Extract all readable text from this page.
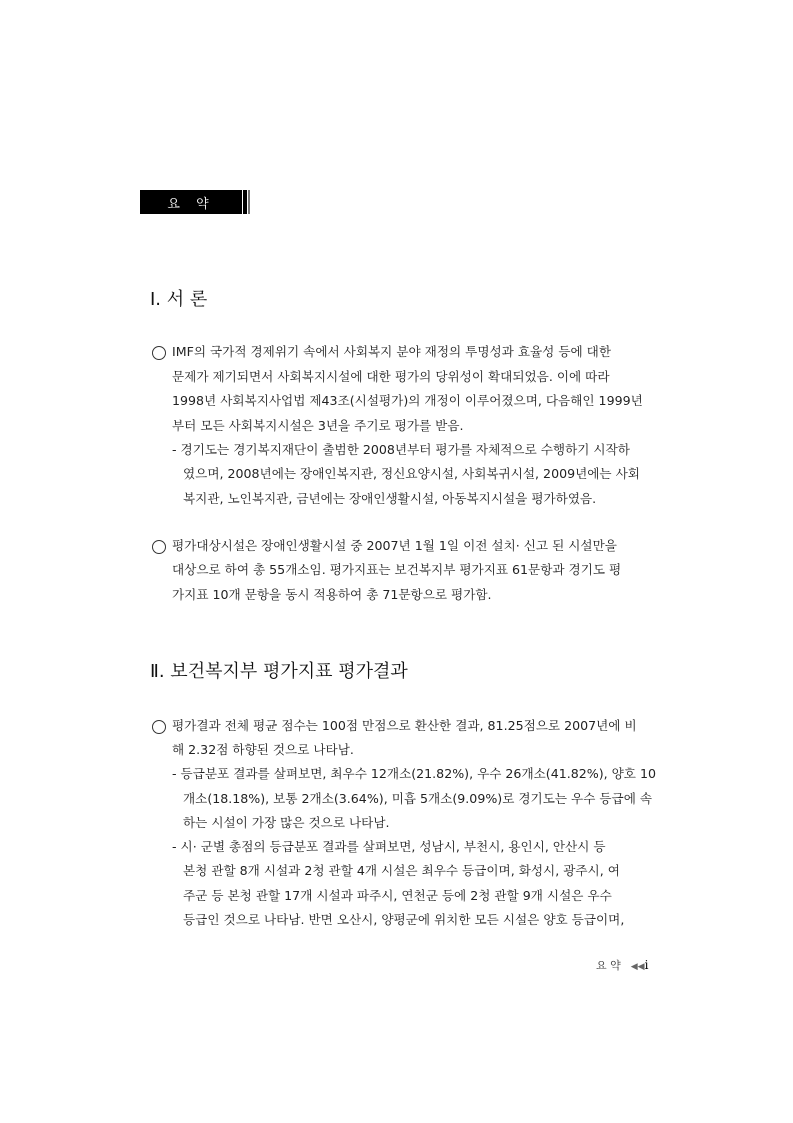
요 약
Ⅰ. 서 론
IMF의 국가적 경제위기 속에서 사회복지 분야 재정의 투명성과 효율성 등에 대한
문제가 제기되면서 사회복지시설에 대한 평가의 당위성이 확대되었음. 이에 따라
1998년 사회복지사업법 제43조(시설평가)의 개정이 이루어졌으며, 다음해인 1999년
부터 모든 사회복지시설은 3년을 주기로 평가를 받음.
- 경기도는 경기복지재단이 출범한 2008년부터 평가를 자체적으로 수행하기 시작하
였으며, 2008년에는 장애인복지관, 정신요양시설, 사회복귀시설, 2009년에는 사회
복지관, 노인복지관, 금년에는 장애인생활시설, 아동복지시설을 평가하였음.
평가대상시설은 장애인생활시설 중 2007년 1월 1일 이전 설치· 신고 된 시설만을
대상으로 하여 총 55개소임. 평가지표는 보건복지부 평가지표 61문항과 경기도 평
가지표 10개 문항을 동시 적용하여 총 71문항으로 평가함.
Ⅱ. 보건복지부 평가지표 평가결과
평가결과 전체 평균 점수는 100점 만점으로 환산한 결과, 81.25점으로 2007년에 비
해 2.32점 하향된 것으로 나타남.
- 등급분포 결과를 살펴보면, 최우수 12개소(21.82%), 우수 26개소(41.82%), 양호 10
개소(18.18%), 보통 2개소(3.64%), 미흡 5개소(9.09%)로 경기도는 우수 등급에 속
하는 시설이 가장 많은 것으로 나타남.
- 시· 군별 총점의 등급분포 결과를 살펴보면, 성남시, 부천시, 용인시, 안산시 등
본청 관할 8개 시설과 2청 관할 4개 시설은 최우수 등급이며, 화성시, 광주시, 여
주군 등 본청 관할 17개 시설과 파주시, 연천군 등에 2청 관할 9개 시설은 우수
등급인 것으로 나타남. 반면 오산시, 양평군에 위치한 모든 시설은 양호 등급이며,
요 약 ◀◀i
